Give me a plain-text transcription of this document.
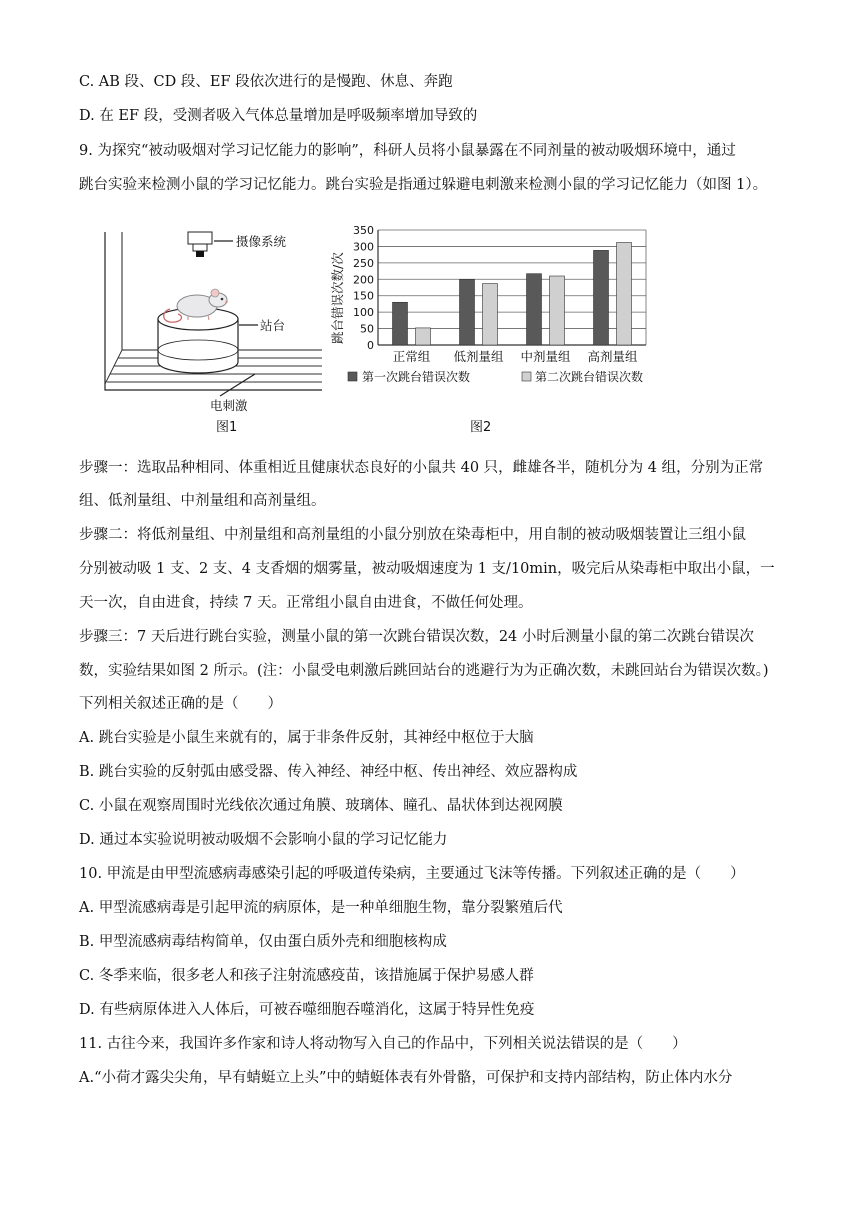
C. AB 段、CD 段、EF 段依次进行的是慢跑、休息、奔跑
D. 在 EF 段，受测者吸入气体总量增加是呼吸频率增加导致的
9. 为探究“被动吸烟对学习记忆能力的影响”，科研人员将小鼠暴露在不同剂量的被动吸烟环境中，通过
跳台实验来检测小鼠的学习记忆能力。跳台实验是指通过躲避电刺激来检测小鼠的学习记忆能力（如图 1）。
摄像系统
站台
电刺激
图1
0
50
100
150
200
250
300
350
正常组 低剂量组 中剂量组 高剂量组
跳台错误次数/次
第一次跳台错误次数	第二次跳台错误次数
图2
步骤一：选取品种相同、体重相近且健康状态良好的小鼠共 40 只，雌雄各半，随机分为 4 组，分别为正常
组、低剂量组、中剂量组和高剂量组。
步骤二：将低剂量组、中剂量组和高剂量组的小鼠分别放在染毒柜中，用自制的被动吸烟装置让三组小鼠
分别被动吸 1 支、2 支、4 支香烟的烟雾量，被动吸烟速度为 1 支/10min，吸完后从染毒柜中取出小鼠，一
天一次，自由进食，持续 7 天。正常组小鼠自由进食，不做任何处理。
步骤三：7 天后进行跳台实验，测量小鼠的第一次跳台错误次数，24 小时后测量小鼠的第二次跳台错误次
数，实验结果如图 2 所示。(注：小鼠受电刺激后跳回站台的逃避行为为正确次数，未跳回站台为错误次数。)
下列相关叙述正确的是（　　）
A. 跳台实验是小鼠生来就有的，属于非条件反射，其神经中枢位于大脑
B. 跳台实验的反射弧由感受器、传入神经、神经中枢、传出神经、效应器构成
C. 小鼠在观察周围时光线依次通过角膜、玻璃体、瞳孔、晶状体到达视网膜
D. 通过本实验说明被动吸烟不会影响小鼠的学习记忆能力
10. 甲流是由甲型流感病毒感染引起的呼吸道传染病，主要通过飞沫等传播。下列叙述正确的是（　　）
A. 甲型流感病毒是引起甲流的病原体，是一种单细胞生物，靠分裂繁殖后代
B. 甲型流感病毒结构简单，仅由蛋白质外壳和细胞核构成
C. 冬季来临，很多老人和孩子注射流感疫苗，该措施属于保护易感人群
D. 有些病原体进入人体后，可被吞噬细胞吞噬消化，这属于特异性免疫
11. 古往今来，我国许多作家和诗人将动物写入自己的作品中，下列相关说法错误的是（　　）
A.“小荷才露尖尖角，早有蜻蜓立上头”中的蜻蜓体表有外骨骼，可保护和支持内部结构，防止体内水分
